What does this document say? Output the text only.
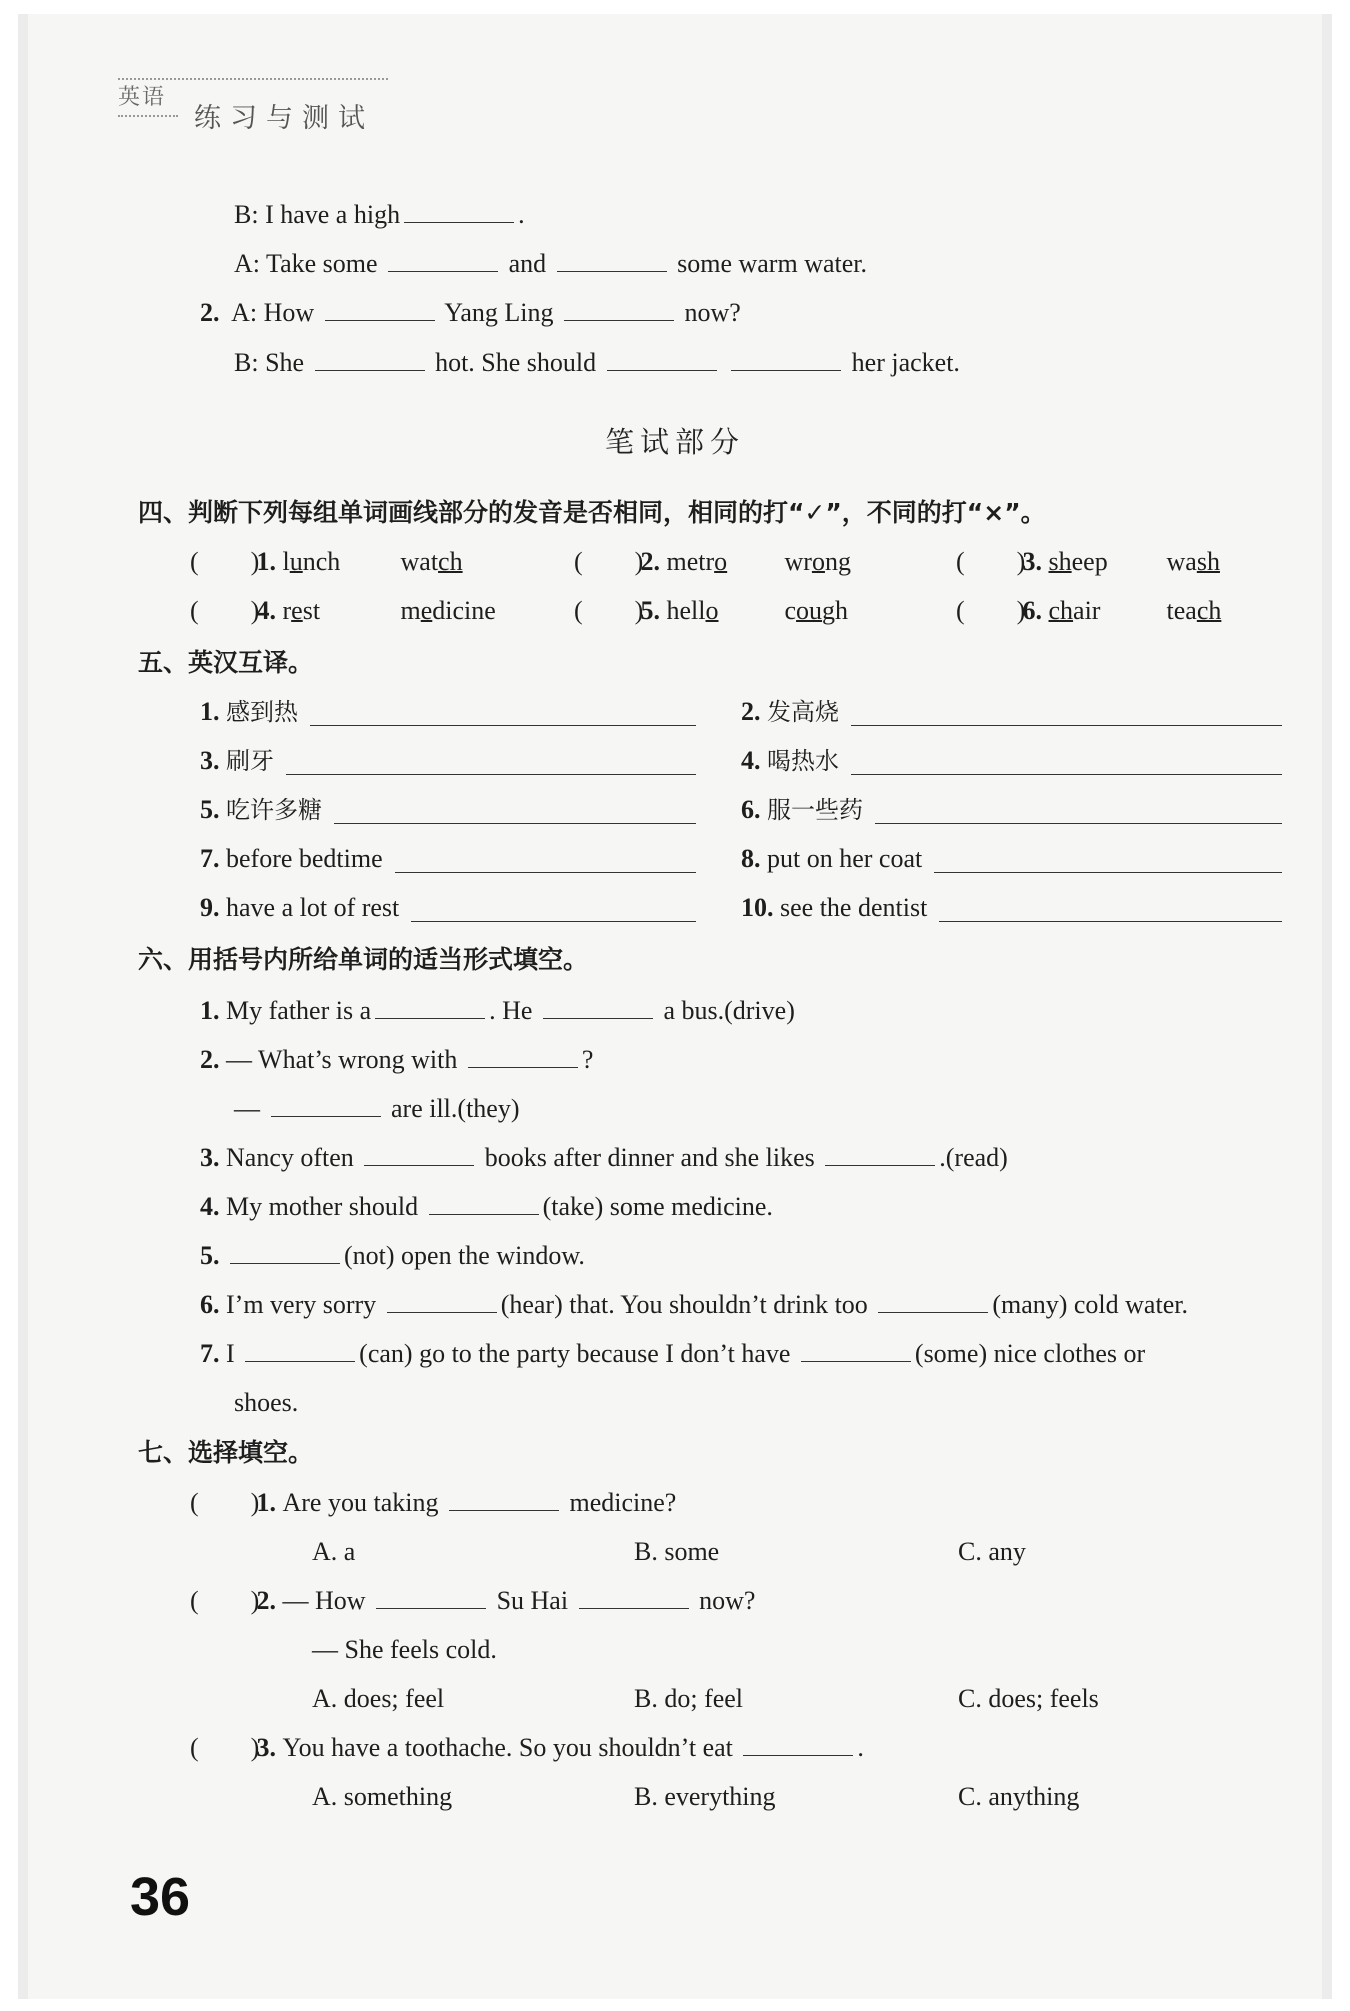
英语
练习与测试
B: I have a high	.
A: Take some	and	some warm water.
2. A: How	Yang Ling	now?
B: She	hot. She should	her jacket.
笔试部分
四、判断下列每组单词画线部分的发音是否相同，相同的打“✓”，不同的打“×”。
(　　) 1. lunch watch	(　　) 2. metro wrong	(　　) 3. sheep wash
(　　) 4. rest	medicine	(　　) 5. hello	cough	(　　) 6. chair	teach
五、英汉互译。
1. 感到热	2. 发高烧
3. 刷牙	4. 喝热水
5. 吃许多糖	6. 服一些药
7. before bedtime	8. put on her coat
9. have a lot of rest	10. see the dentist
六、用括号内所给单词的适当形式填空。
1. My father is a	. He	a bus.(drive)
2. — What’s wrong with	?
—	are ill.(they)
3. Nancy often	books after dinner and she likes	.(read)
4. My mother should	(take) some medicine.
5.	(not) open the window.
6. I’m very sorry	(hear) that. You shouldn’t drink too	(many) cold water.
7. I	(can) go to the party because I don’t have	(some) nice clothes or
shoes.
七、选择填空。
(　　) 1. Are you taking	medicine?
A. a	B. some	C. any
(　　) 2. — How	Su Hai	now?
— She feels cold.
A. does; feel	B. do; feel	C. does; feels
(　　) 3. You have a toothache. So you shouldn’t eat	.
A. something	B. everything	C. anything
36
